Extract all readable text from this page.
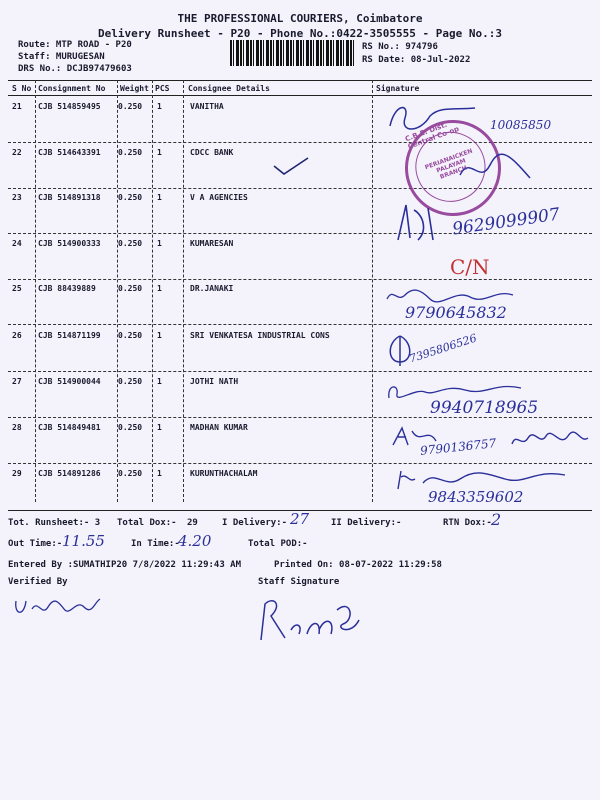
THE PROFESSIONAL COURIERS, Coimbatore
Delivery Runsheet - P20 - Phone No.:0422-3505555 - Page No.:3
Route: MTP ROAD - P20
Staff: MURUGESAN
DRS No.: DCJB97479603
RS No.: 974796
RS Date: 08-Jul-2022
S No Consignment No Weight PCS Consignee Details	Signature
21 CJB 514859495 0.250 1	VANITHA
22 CJB 514643391 0.250 1	CDCC BANK
23 CJB 514891318 0.250 1	V A AGENCIES
24 CJB 514900333 0.250 1	KUMARESAN
25 CJB 88439889	0.250 1	DR.JANAKI
26 CJB 514871199 0.250 1	SRI VENKATESA INDUSTRIAL CONS
27 CJB 514900044 0.250 1	JOTHI NATH
28 CJB 514849481 0.250 1	MADHAN KUMAR
29 CJB 514891286 0.250 1	KURUNTHACHALAM
C.B.E. Dist. Central Co-op
PERIANAICKEN PALAYAM BRANCH
10085850
9629099907
C/N
9790645832
7395806526
9940718965
9790136757
9843359602
Tot. Runsheet:- 3 Total Dox:- 29	I Delivery:- 27 II Delivery:-	RTN Dox:- 2
Out Time:- 11.55	In Time:-
4.20	Total POD:-
Entered By :SUMATHIP20 7/8/2022 11:29:43 AM	Printed On: 08-07-2022 11:29:58
Verified By	Staff Signature
